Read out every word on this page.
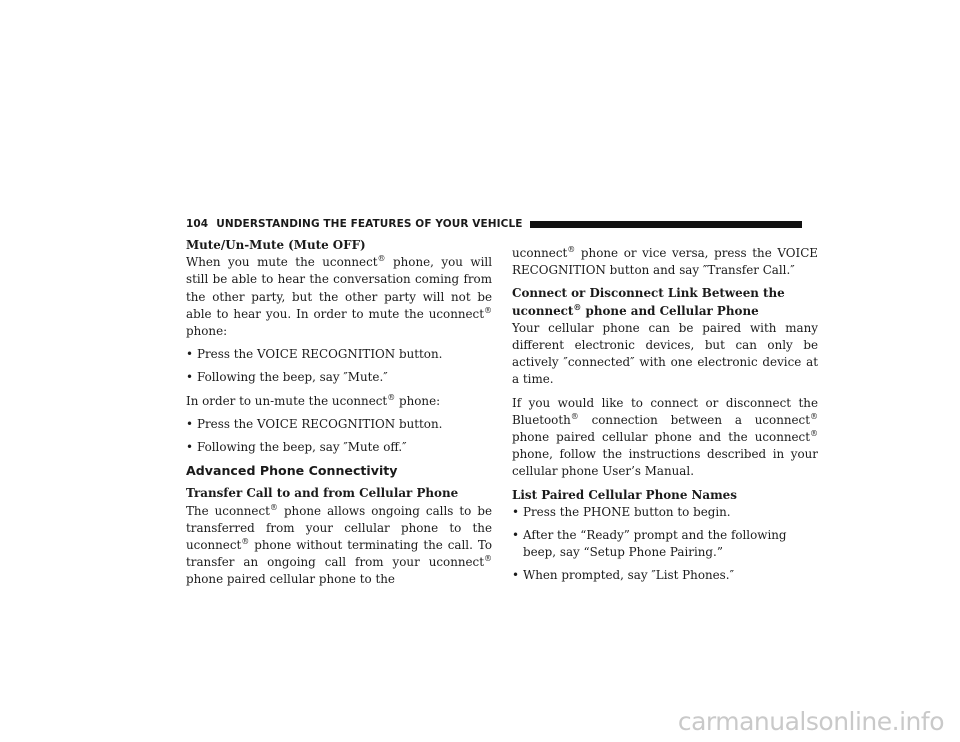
104 UNDERSTANDING THE FEATURES OF YOUR VEHICLE
Mute/Un-Mute (Mute OFF)

When you mute the uconnect® phone, you will still be able to hear the conversation coming from the other party, but the other party will not be able to hear you. In order to mute the uconnect® phone:

• Press the VOICE RECOGNITION button.
• Following the beep, say ″Mute.″

In order to un-mute the uconnect® phone:

• Press the VOICE RECOGNITION button.
• Following the beep, say ″Mute off.″
Advanced Phone Connectivity
Transfer Call to and from Cellular Phone

The uconnect® phone allows ongoing calls to be transferred from your cellular phone to the uconnect® phone without terminating the call. To transfer an ongoing call from your uconnect® phone paired cellular phone to the

uconnect® phone or vice versa, press the VOICE RECOGNITION button and say ″Transfer Call.″

Connect or Disconnect Link Between the uconnect® phone and Cellular Phone

Your cellular phone can be paired with many different electronic devices, but can only be actively ″connected″ with one electronic device at a time.

If you would like to connect or disconnect the Bluetooth® connection between a uconnect® phone paired cellular phone and the uconnect® phone, follow the instructions described in your cellular phone User’s Manual.

List Paired Cellular Phone Names
• Press the PHONE button to begin.
• After the “Ready” prompt and the following beep, say “Setup Phone Pairing.”
• When prompted, say ″List Phones.″
carmanualsonline.info
